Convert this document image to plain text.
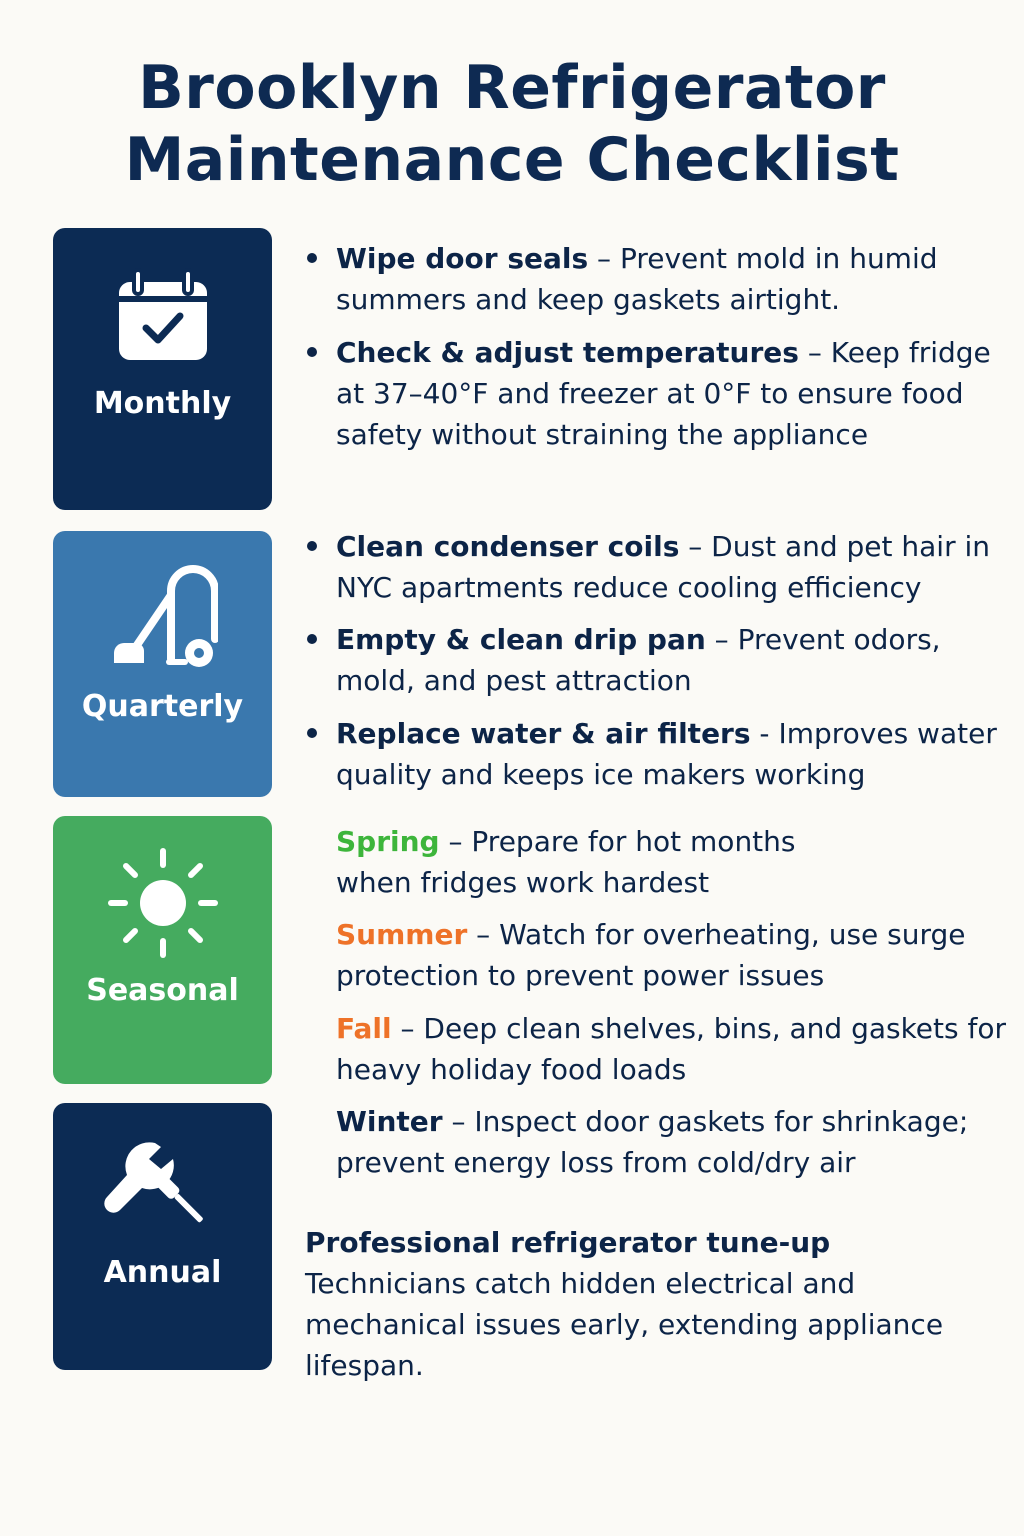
Brooklyn Refrigerator
Maintenance Checklist
Monthly
Quarterly
Seasonal
Annual
Wipe door seals – Prevent mold in humid summers and keep gaskets airtight.
Check & adjust temperatures – Keep fridge at 37–40°F and freezer at 0°F to ensure food safety without straining the appliance
Clean condenser coils – Dust and pet hair in NYC apartments reduce cooling efficiency
Empty & clean drip pan – Prevent odors, mold, and pest attraction
Replace water & air filters - Improves water quality and keeps ice makers working
Spring – Prepare for hot months when fridges work hardest
Summer – Watch for overheating, use surge protection to prevent power issues
Fall – Deep clean shelves, bins, and gaskets for heavy holiday food loads
Winter – Inspect door gaskets for shrinkage; prevent energy loss from cold/dry air
Professional refrigerator tune-up
Technicians catch hidden electrical and mechanical issues early, extending appliance lifespan.
